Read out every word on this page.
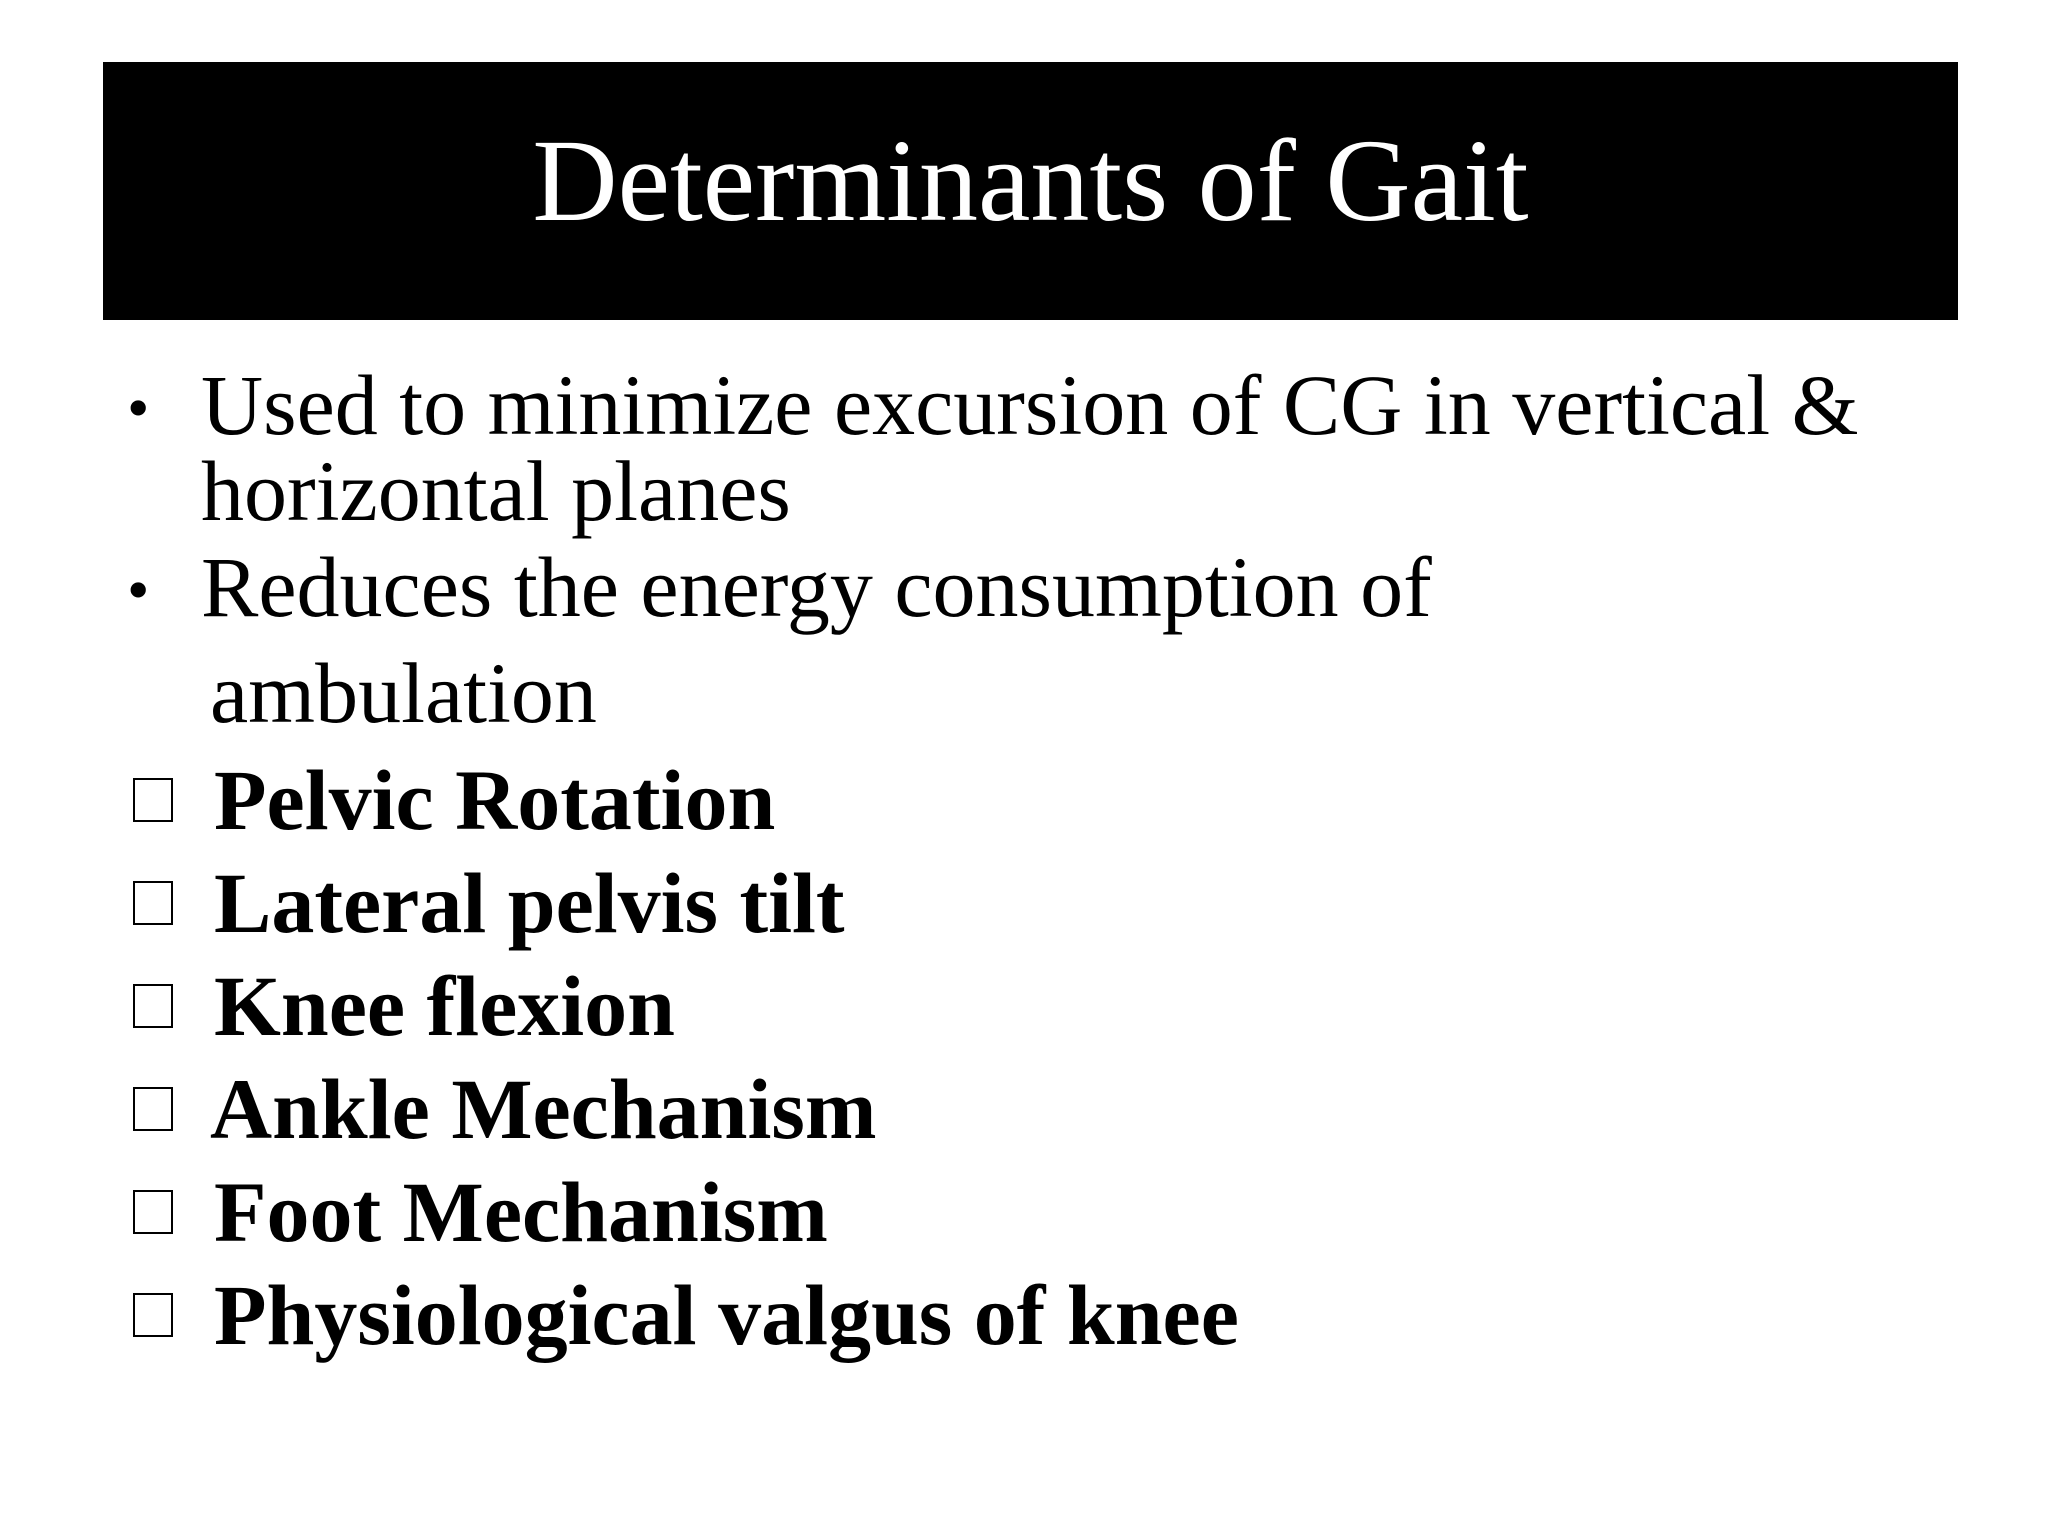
Determinants of Gait
• Used to minimize excursion of CG in vertical &
horizontal planes
• Reduces the energy consumption of
ambulation
Pelvic Rotation
Lateral pelvis tilt
Knee flexion
Ankle Mechanism
Foot Mechanism
Physiological valgus of knee
